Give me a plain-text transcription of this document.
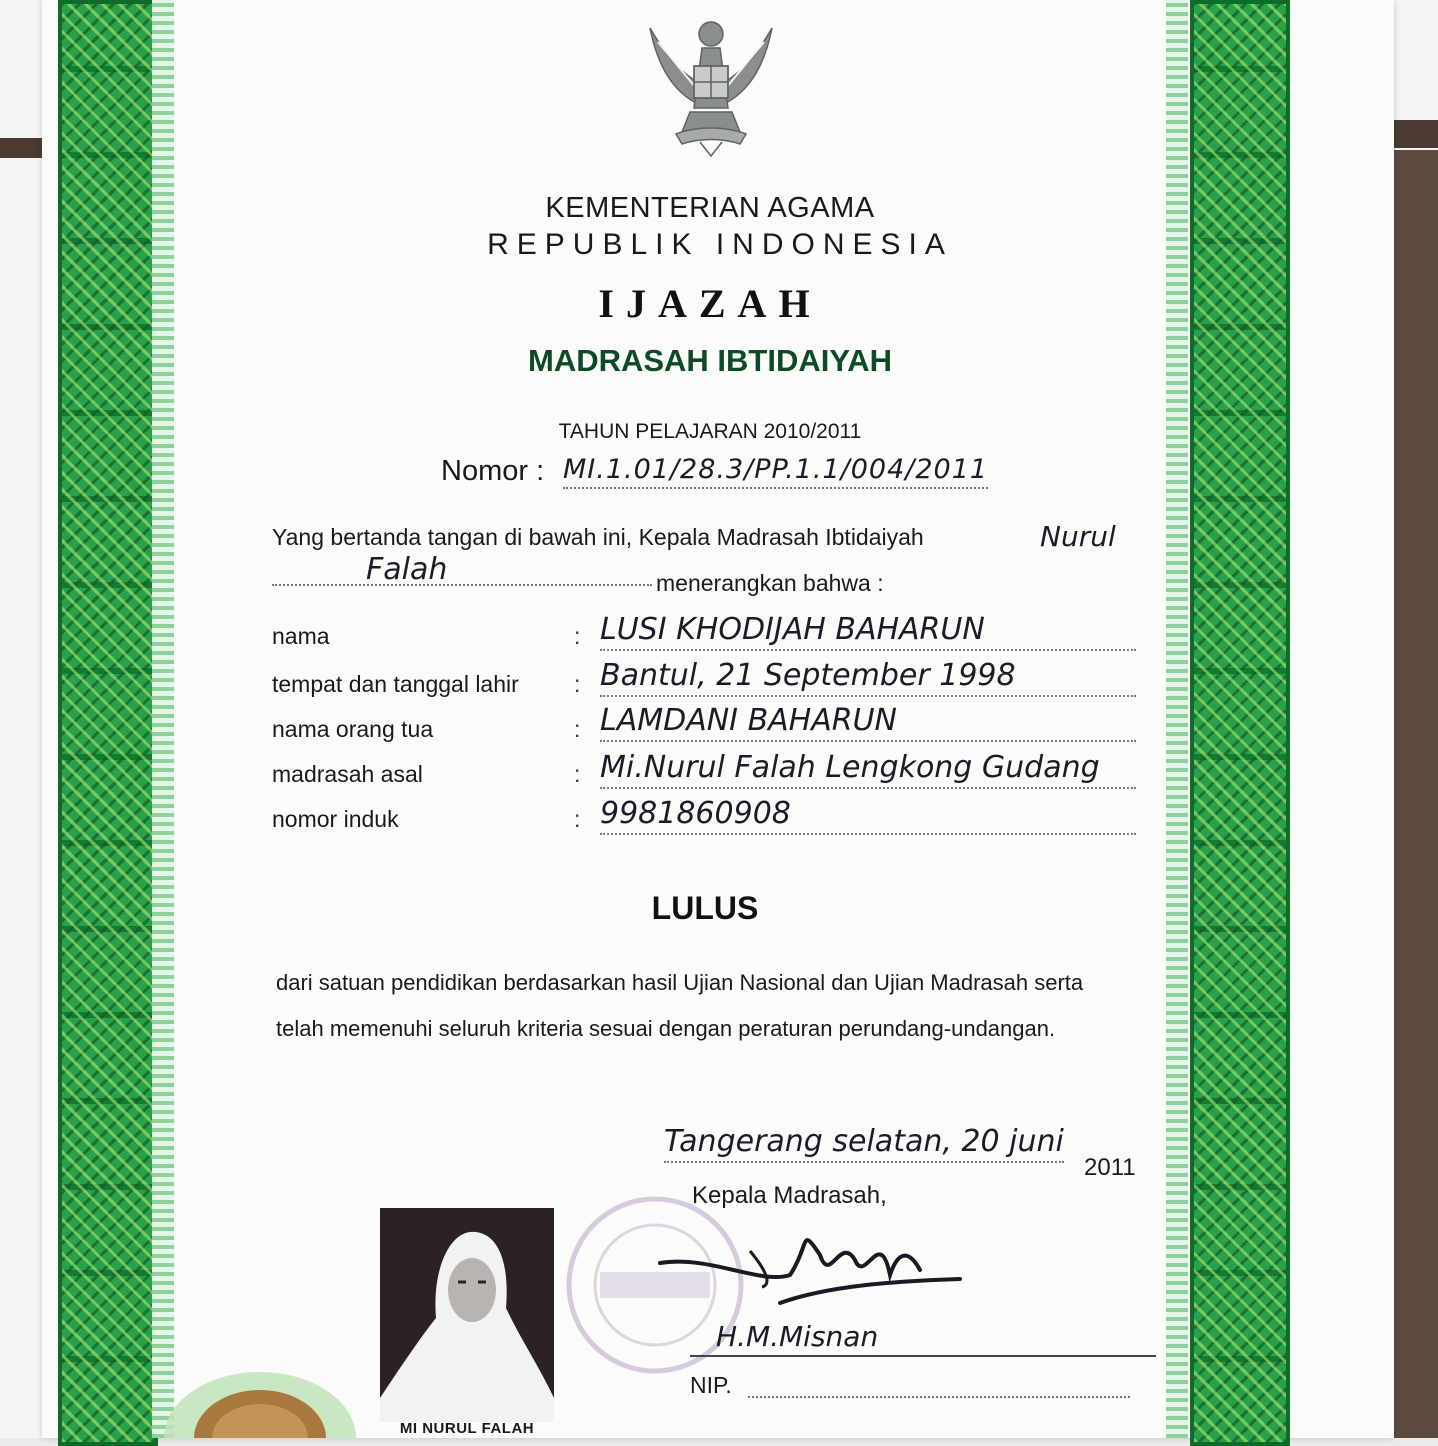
KEMENTERIAN AGAMA
REPUBLIK INDONESIA
IJAZAH
MADRASAH IBTIDAIYAH
TAHUN PELAJARAN 2010/2011
Nomor : MI.1.01/28.3/PP.1.1/004/2011
Yang bertanda tangan di bawah ini, Kepala Madrasah Ibtidaiyah	Nurul
Falah	menerangkan bahwa :
nama	: LUSI KHODIJAH BAHARUN
tempat dan tanggal lahir : Bantul, 21 September 1998
nama orang tua	: LAMDANI BAHARUN
madrasah asal	: Mi.Nurul Falah Lengkong Gudang
nomor induk	: 9981860908
LULUS
dari satuan pendidikan berdasarkan hasil Ujian Nasional dan Ujian Madrasah serta
telah memenuhi seluruh kriteria sesuai dengan peraturan perundang-undangan.
Tangerang selatan, 20 juni
2011
Kepala Madrasah,
H.M.Misnan
NIP.
MI NURUL FALAH
